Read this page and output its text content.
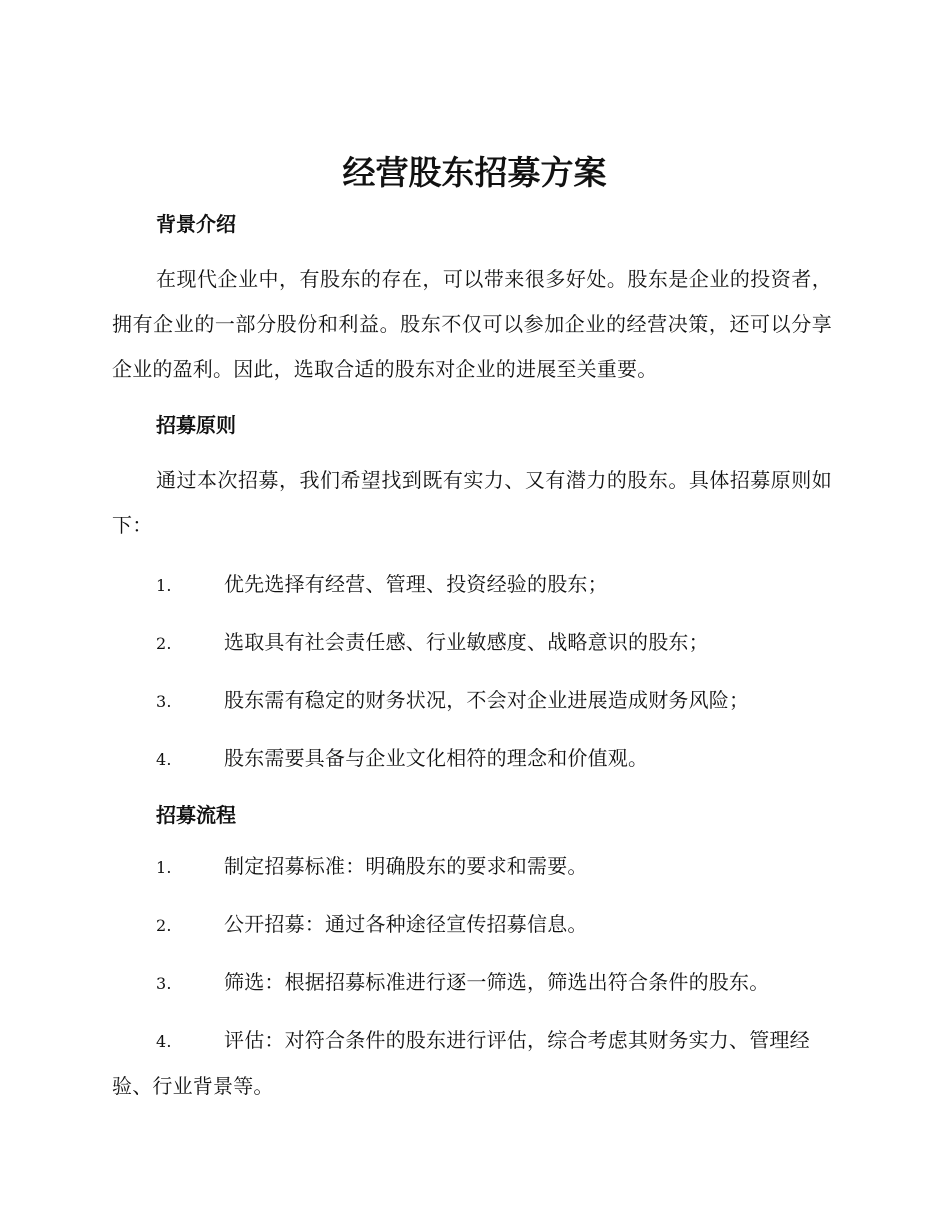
经营股东招募方案
背景介绍

在现代企业中，有股东的存在，可以带来很多好处。股东是企业的投资者，拥有企业的一部分股份和利益。股东不仅可以参加企业的经营决策，还可以分享企业的盈利。因此，选取合适的股东对企业的进展至关重要。

招募原则

通过本次招募，我们希望找到既有实力、又有潜力的股东。具体招募原则如下：

1.	优先选择有经营、管理、投资经验的股东；
2.	选取具有社会责任感、行业敏感度、战略意识的股东；
3.	股东需有稳定的财务状况，不会对企业进展造成财务风险；
4.	股东需要具备与企业文化相符的理念和价值观。
招募流程
1.	制定招募标准：明确股东的要求和需要。
2.	公开招募：通过各种途径宣传招募信息。
3.	筛选：根据招募标准进行逐一筛选，筛选出符合条件的股东。
4.	评估：对符合条件的股东进行评估，综合考虑其财务实力、管理经验、行业背景等。
